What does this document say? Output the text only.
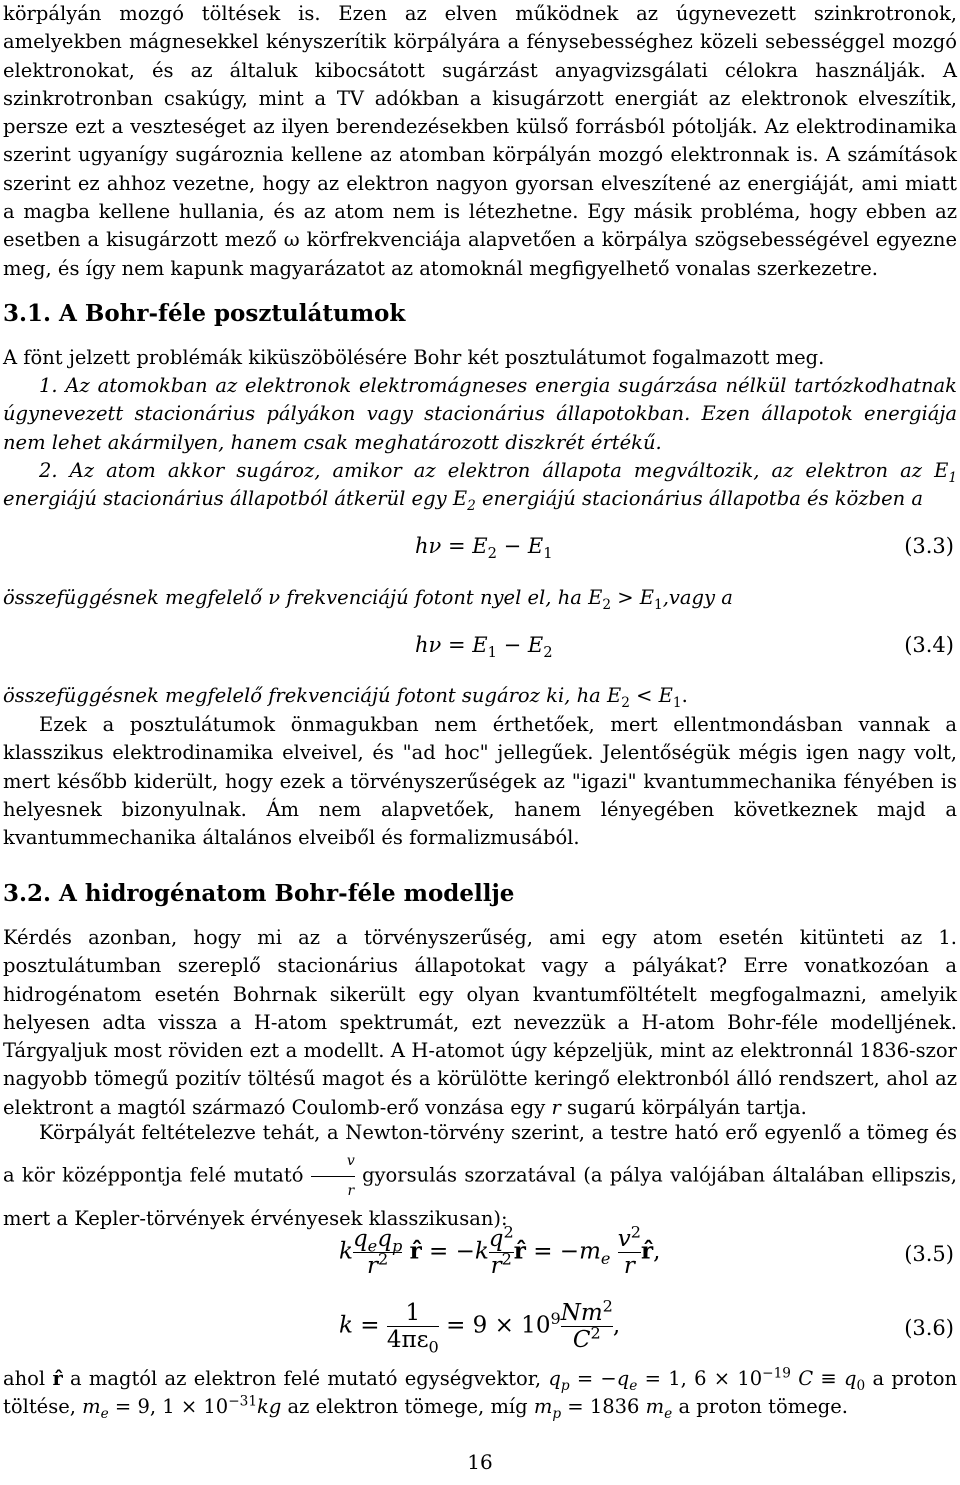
körpályán mozgó töltések is. Ezen az elven működnek az úgynevezett szinkrotronok, amelyekben mágnesekkel kényszerítik körpályára a fénysebességhez közeli sebességgel mozgó elektronokat, és az általuk kibocsátott sugárzást anyagvizsgálati célokra használják. A szinkrotronban csakúgy, mint a TV adókban a kisugárzott energiát az elektronok elveszítik, persze ezt a veszteséget az ilyen berendezésekben külső forrásból pótolják. Az elektrodinamika szerint ugyanígy sugároznia kellene az atomban körpályán mozgó elektronnak is. A számítások szerint ez ahhoz vezetne, hogy az elektron nagyon gyorsan elveszítené az energiáját, ami miatt a magba kellene hullania, és az atom nem is létezhetne. Egy másik probléma, hogy ebben az esetben a kisugárzott mező ω körfrekvenciája alapvetően a körpálya szögsebességével egyezne meg, és így nem kapunk magyarázatot az atomoknál megfigyelhető vonalas szerkezetre.

3.1. A Bohr-féle posztulátumok

A fönt jelzett problémák kiküszöbölésére Bohr két posztulátumot fogalmazott meg.

1. Az atomokban az elektronok elektromágneses energia sugárzása nélkül tartózkodhatnak úgynevezett stacionárius pályákon vagy stacionárius állapotokban. Ezen állapotok energiája nem lehet akármilyen, hanem csak meghatározott diszkrét értékű.

2. Az atom akkor sugároz, amikor az elektron állapota megváltozik, az elektron az $E_1$ energiájú stacionárius állapotból átkerül egy $E_2$ energiájú stacionárius állapotba és közben a

$h\nu = E_2 - E_1$	(3.3)

összefüggésnek megfelelő ν frekvenciájú fotont nyel el, ha $E_2$ > $E_1,vagy$ a

$h\nu = E_1 - E_2$	(3.4)

összefüggésnek megfelelő frekvenciájú fotont sugároz ki, ha $E_2 < E_1$.

Ezek a posztulátumok önmagukban nem érthetőek, mert ellentmondásban vannak a klasszikus elektrodinamika elveivel, és "ad hoc" jellegűek. Jelentőségük mégis igen nagy volt, mert később kiderült, hogy ezek a törvényszerűségek az "igazi" kvantummechanika fényében is helyesnek bizonyulnak. Ám nem alapvetőek, hanem lényegében következnek majd a kvantummechanika általános elveiből és formalizmusából.

3.2. A hidrogénatom Bohr-féle modellje

Kérdés azonban, hogy mi az a törvényszerűség, ami egy atom esetén kitünteti az 1. posztulátumban szereplő stacionárius állapotokat vagy a pályákat? Erre vonatkozóan a hidrogénatom esetén Bohrnak sikerült egy olyan kvantumföltételt megfogalmazni, amelyik helyesen adta vissza a H-atom spektrumát, ezt nevezzük a H-atom Bohr-féle modelljének. Tárgyaljuk most röviden ezt a modellt. A H-atomot úgy képzeljük, mint az elektronnál 1836-szor nagyobb tömegű pozitív töltésű magot és a körülötte keringő elektronból álló rendszert, ahol az elektront a magtól származó Coulomb-erő vonzása egy r sugarú körpályán tartja.

Körpályát feltételezve tehát, a Newton-törvény szerint, a testre ható erő egyenlő a tömeg és a kör középpontja felé mutató $\frac{v}{r}$ gyorsulás szorzatával (a pálya valójában általában ellipszis, mert a Kepler-törvények érvényesek klasszikusan):

k $\frac{q_eq_p}{r^2}$ r̂ = $-k \frac{q^2}{r^2}$ r̂ = $-m_e \frac{v^2}{r}$ r̂,	(3.5)
$k = \frac{1}{4\pi\varepsilon_0} = 9 \times 10^9 \frac{Nm^2}{C^2}$ ,	(3.6)

ahol r̂ a magtól az elektron felé mutató egységvektor, $q_p = -q_e = 1$, $6 \times 10^{-19}$ $C \equiv q_0$ a proton töltése, $m_e = 9$, $1 \times 10^{-31}kg$ az elektron tömege, míg $m_p = 1836$ $m_e$ a proton tömege.

16
